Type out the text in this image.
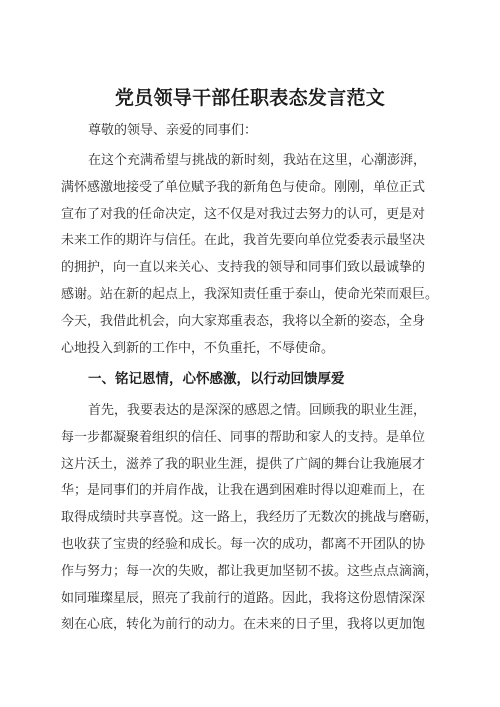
党员领导干部任职表态发言范文
尊敬的领导、亲爱的同事们：
在这个充满希望与挑战的新时刻，我站在这里，心潮澎湃，
满怀感激地接受了单位赋予我的新角色与使命。刚刚，单位正式
宣布了对我的任命决定，这不仅是对我过去努力的认可，更是对
未来工作的期许与信任。在此，我首先要向单位党委表示最坚决
的拥护，向一直以来关心、支持我的领导和同事们致以最诚挚的
感谢。站在新的起点上，我深知责任重于泰山，使命光荣而艰巨。
今天，我借此机会，向大家郑重表态，我将以全新的姿态，全身
心地投入到新的工作中，不负重托，不辱使命。
一、铭记恩情，心怀感激，以行动回馈厚爱
首先，我要表达的是深深的感恩之情。回顾我的职业生涯，
每一步都凝聚着组织的信任、同事的帮助和家人的支持。是单位
这片沃土，滋养了我的职业生涯，提供了广阔的舞台让我施展才
华；是同事们的并肩作战，让我在遇到困难时得以迎难而上，在
取得成绩时共享喜悦。这一路上，我经历了无数次的挑战与磨砺，
也收获了宝贵的经验和成长。每一次的成功，都离不开团队的协
作与努力；每一次的失败，都让我更加坚韧不拔。这些点点滴滴，
如同璀璨星辰，照亮了我前行的道路。因此，我将这份恩情深深
刻在心底，转化为前行的动力。在未来的日子里，我将以更加饱
